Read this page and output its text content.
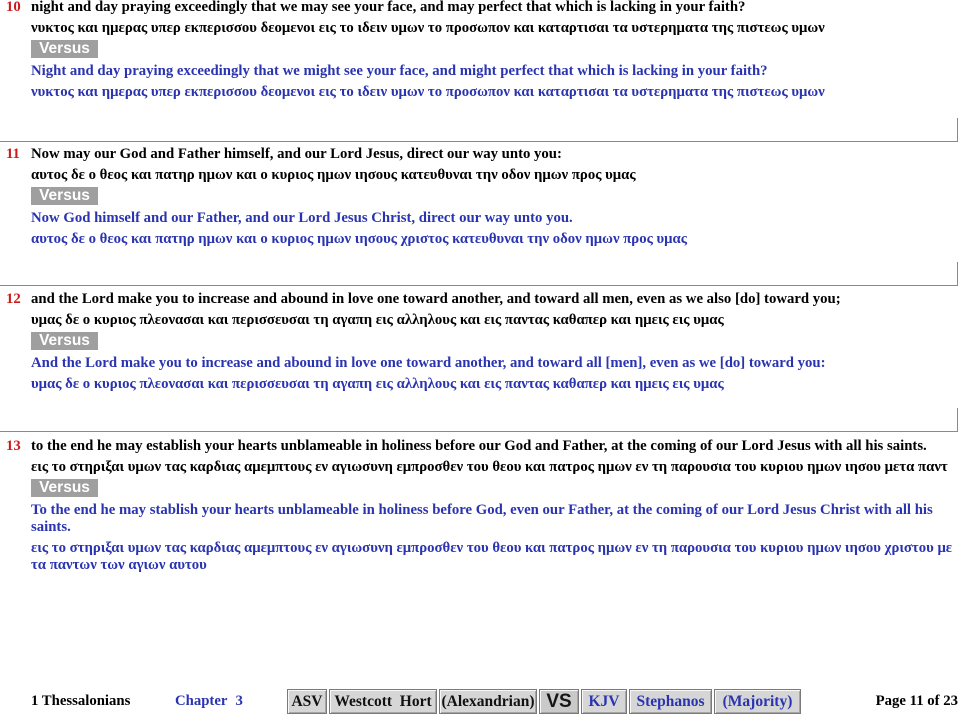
10 night and day praying exceedingly that we may see your face, and may perfect that which is lacking in your faith?
νυκτος και ημερας υπερ εκπερισσου δεομενοι εις το ιδειν υμων το προσωπον και καταρτισαι τα υστερηματα της πιστεως υμων
Versus
Night and day praying exceedingly that we might see your face, and might perfect that which is lacking in your faith?
νυκτος και ημερας υπερ εκπερισσου δεομενοι εις το ιδειν υμων το προσωπον και καταρτισαι τα υστερηματα της πιστεως υμων
11 Now may our God and Father himself, and our Lord Jesus, direct our way unto you:
αυτος δε ο θεος και πατηρ ημων και ο κυριος ημων ιησους κατευθυναι την οδον ημων προς υμας
Versus
Now God himself and our Father, and our Lord Jesus Christ, direct our way unto you.
αυτος δε ο θεος και πατηρ ημων και ο κυριος ημων ιησους χριστος κατευθυναι την οδον ημων προς υμας
12 and the Lord make you to increase and abound in love one toward another, and toward all men, even as we also [do] toward you;
υμας δε ο κυριος πλεονασαι και περισσευσαι τη αγαπη εις αλληλους και εις παντας καθαπερ και ημεις εις υμας
Versus
And the Lord make you to increase and abound in love one toward another, and toward all [men], even as we [do] toward you:
υμας δε ο κυριος πλεονασαι και περισσευσαι τη αγαπη εις αλληλους και εις παντας καθαπερ και ημεις εις υμας
13 to the end he may establish your hearts unblameable in holiness before our God and Father, at the coming of our Lord Jesus with all his saints.
εις το στηριξαι υμων τας καρδιας αμεμπτους εν αγιωσυνη εμπροσθεν του θεου και πατρος ημων εν τη παρουσια του κυριου ημων ιησου μετα παντ
Versus
To the end he may stablish your hearts unblameable in holiness before God, even our Father, at the coming of our Lord Jesus Christ with all his
saints.
εις το στηριξαι υμων τας καρδιας αμεμπτους εν αγιωσυνη εμπροσθεν του θεου και πατρος ημων εν τη παρουσια του κυριου ημων ιησου χριστου με
τα παντων των αγιων αυτου
1 Thessalonians	Chapter 3	ASV Westcott  Hort (Alexandrian) VS	KJV	Stephanos	(Majority)	Page 11 of 23
